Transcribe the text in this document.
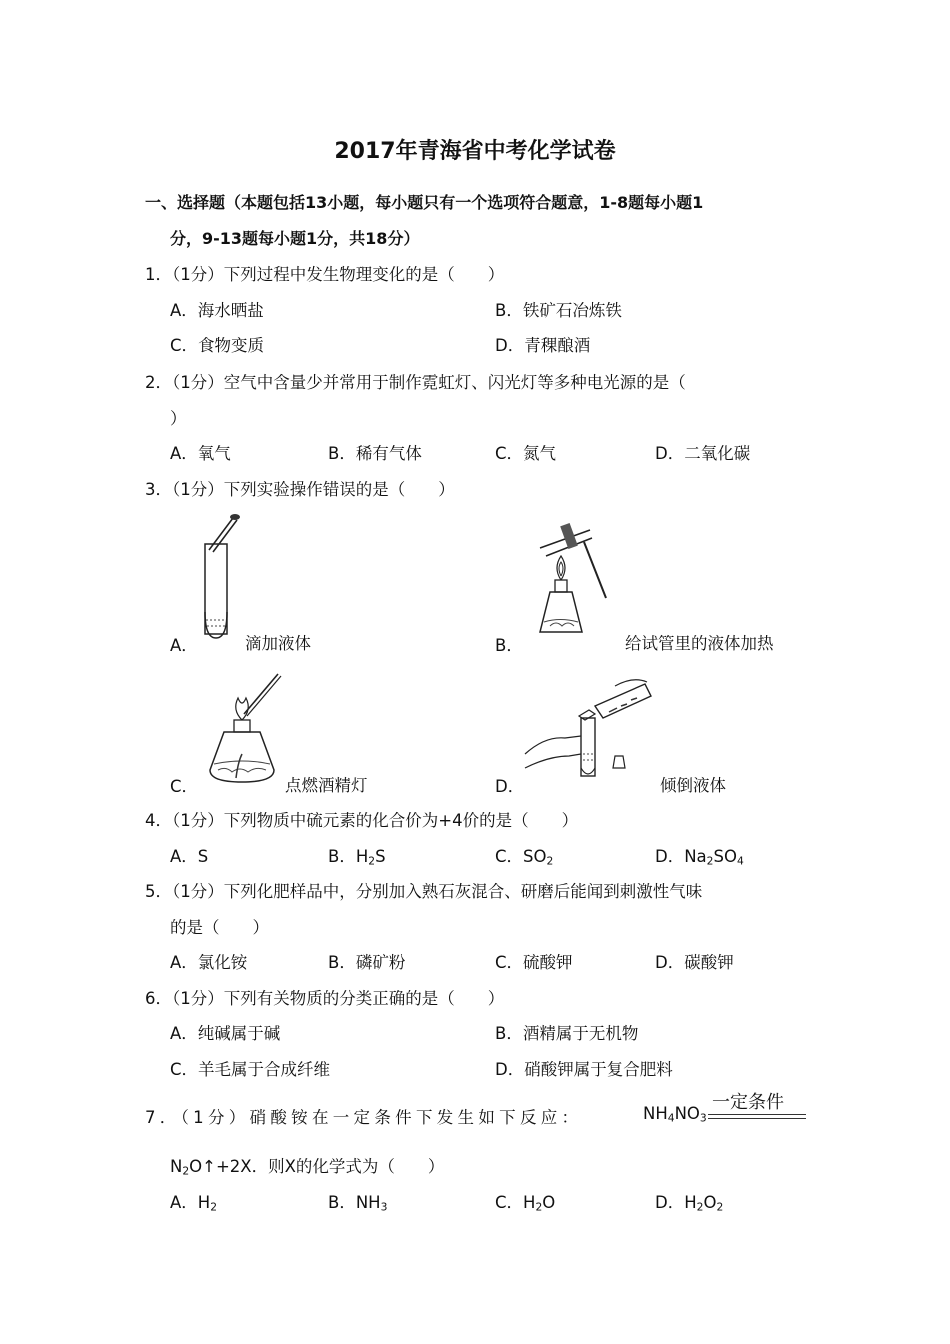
2017年青海省中考化学试卷
一、选择题（本题包括13小题，每小题只有一个选项符合题意，1-8题每小题1
分，9-13题每小题1分，共18分）
1．（1分）下列过程中发生物理变化的是（　　）
A．海水晒盐	B．铁矿石冶炼铁
C．食物变质	D．青稞酿酒
2．（1分）空气中含量少并常用于制作霓虹灯、闪光灯等多种电光源的是（
）
A．氧气	B．稀有气体	C．氮气	D．二氧化碳
3．（1分）下列实验操作错误的是（　　）
A．	滴加液体	B．	给试管里的液体加热
C．	点燃酒精灯	D．	倾倒液体
4．（1分）下列物质中硫元素的化合价为+4价的是（　　）
A．S	B．$H_2S$	C．$SO_2$	D．$Na_2SO_4$
5．（1分）下列化肥样品中，分别加入熟石灰混合、研磨后能闻到刺激性气味
的是（　　）
A．氯化铵	B．磷矿粉	C．硫酸钾	D．碳酸钾
6．（1分）下列有关物质的分类正确的是（　　）
A．纯碱属于碱	B．酒精属于无机物
C．羊毛属于合成纤维	D．硝酸钾属于复合肥料
7．（1分）硝酸铵在一定条件下发生如下反应：	$NH_4NO_3$
一定条件
$N_2O↑+2X$．则X的化学式为（　　）
A．$H_2$	B．$NH_3$	C．$H_2O$	D．$H_2O_2$
